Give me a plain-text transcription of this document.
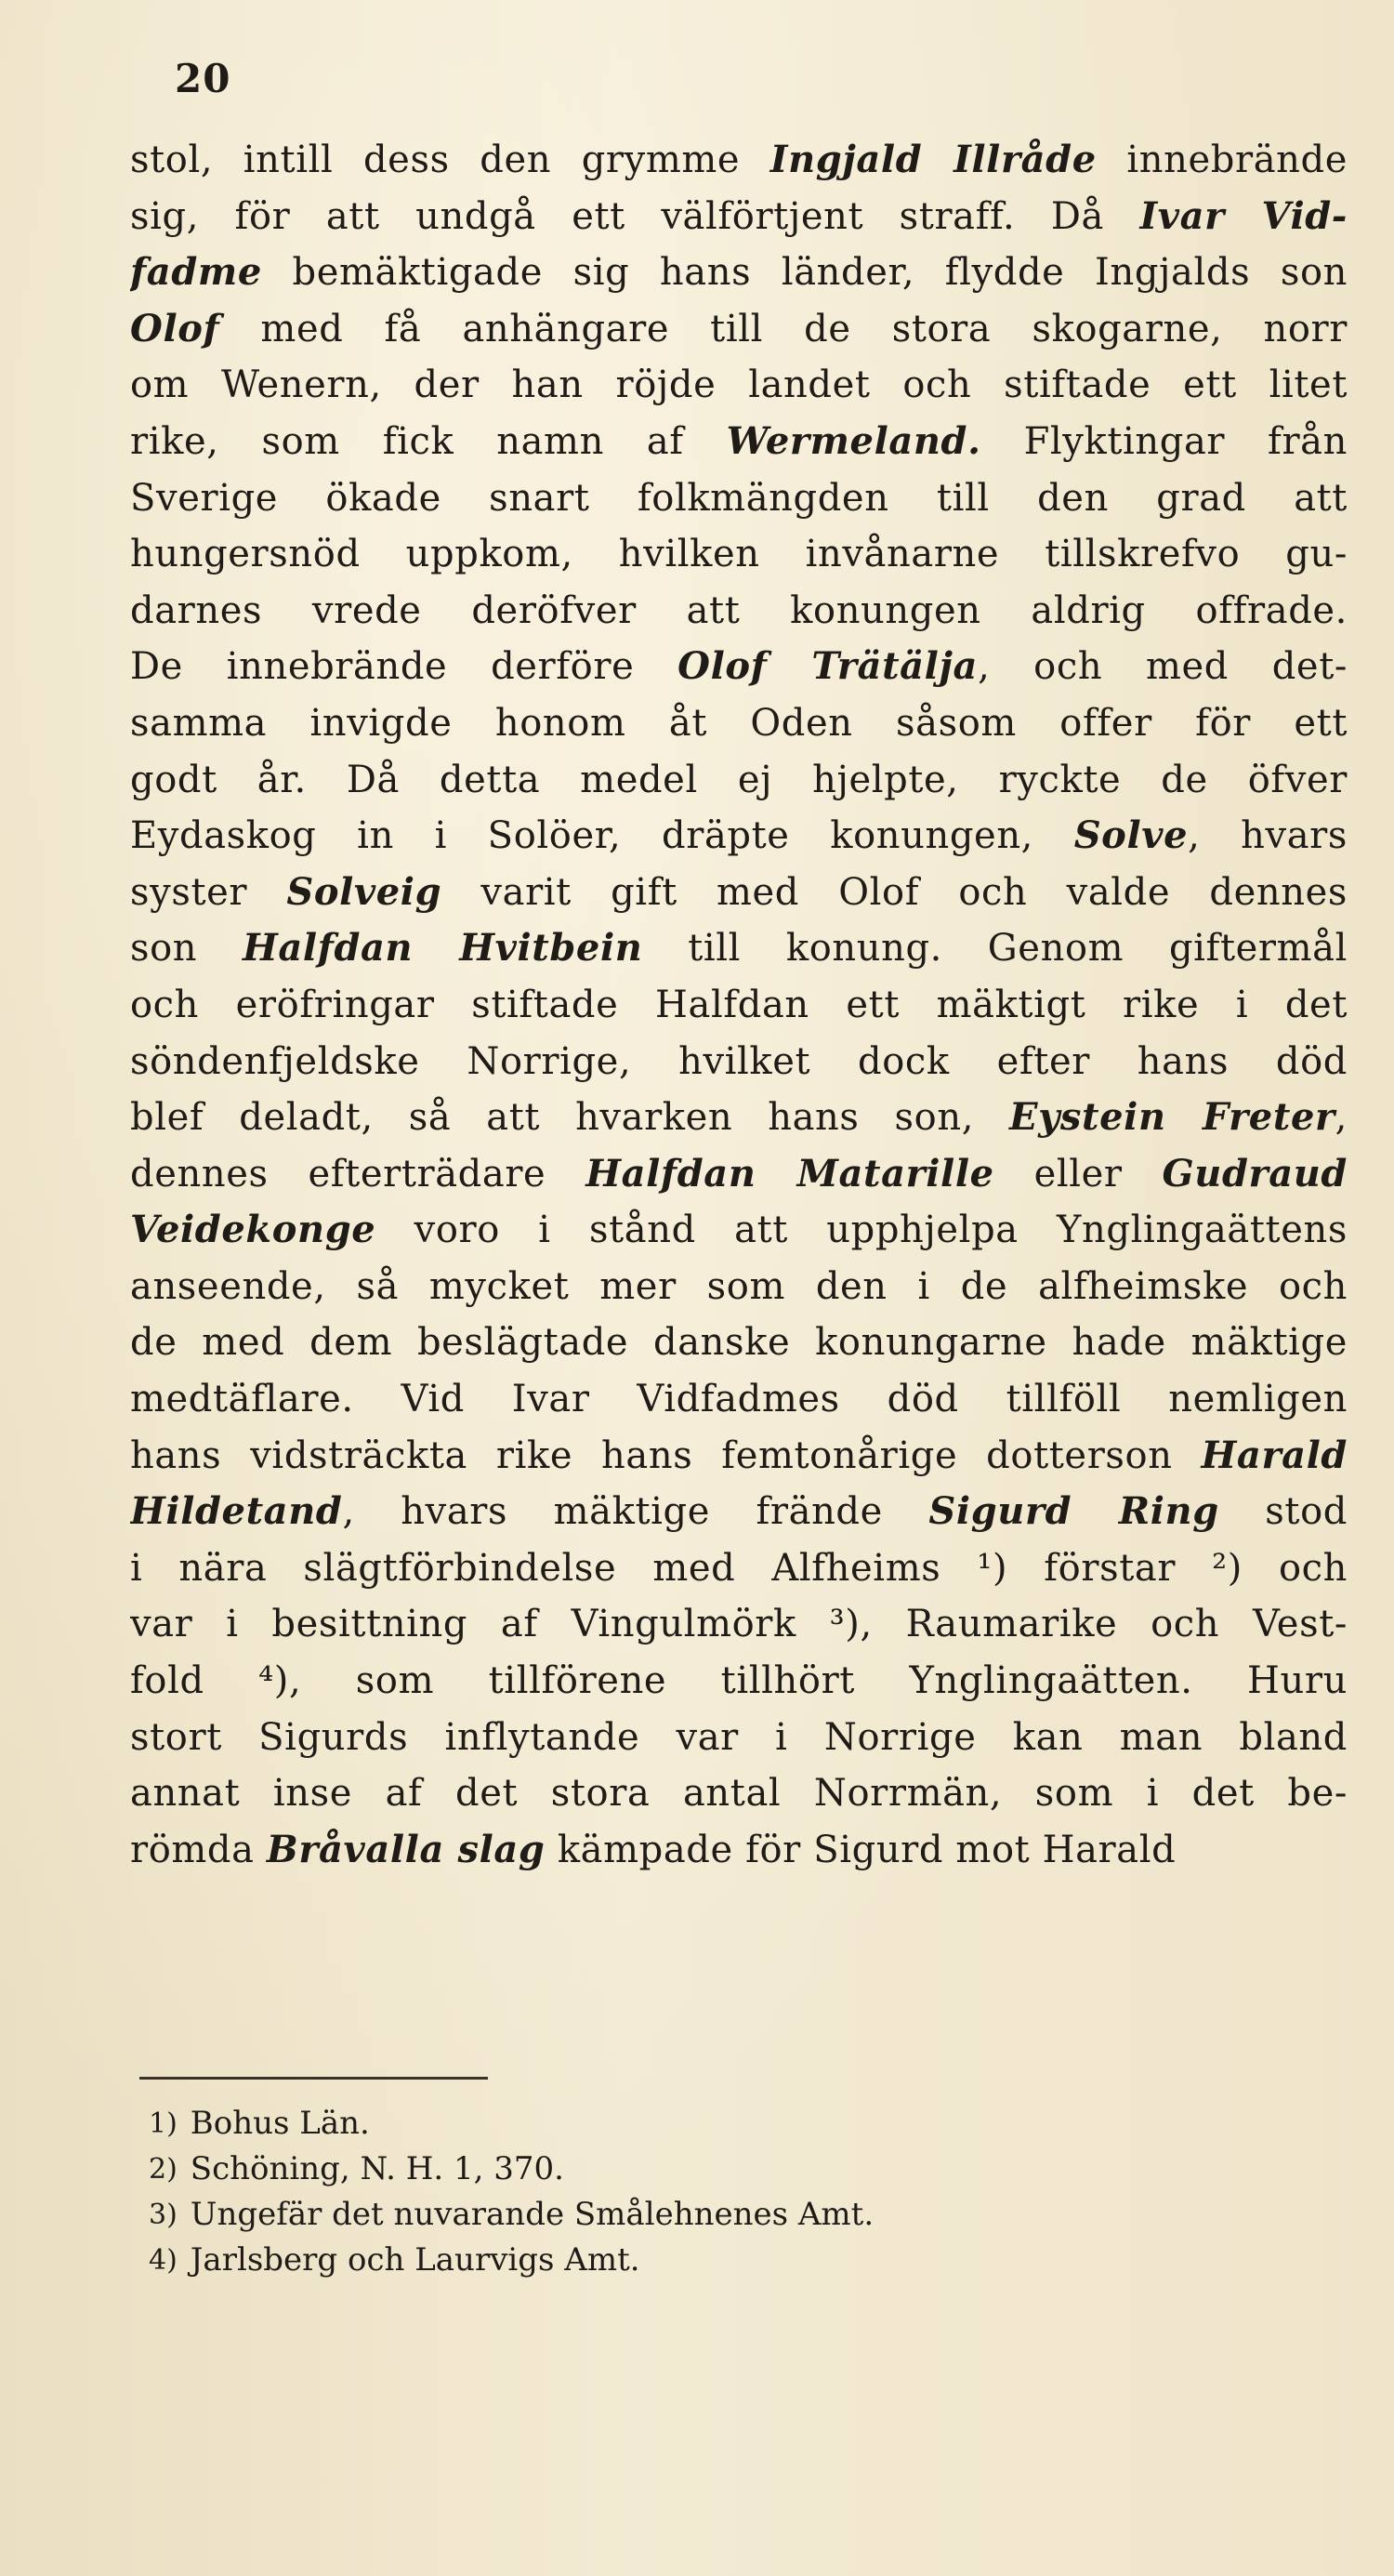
20
stol, intill dess den grymme Ingjald Illråde innebrände
sig, för att undgå ett välförtjent straff. Då Ivar Vid-
fadme bemäktigade sig hans länder, flydde Ingjalds son
Olof med få anhängare till de stora skogarne, norr
om Wenern, der han röjde landet och stiftade ett litet
rike, som fick namn af Wermeland. Flyktingar från
Sverige ökade snart folkmängden till den grad att
hungersnöd uppkom, hvilken invånarne tillskrefvo gu-
darnes vrede deröfver att konungen aldrig offrade.
De innebrände derföre Olof Trätälja, och med det-
samma invigde honom åt Oden såsom offer för ett
godt år. Då detta medel ej hjelpte, ryckte de öfver
Eydaskog in i Solöer, dräpte konungen, Solve, hvars
syster Solveig varit gift med Olof och valde dennes
son Halfdan Hvitbein till konung. Genom giftermål
och eröfringar stiftade Halfdan ett mäktigt rike i det
söndenfjeldske Norrige, hvilket dock efter hans död
blef deladt, så att hvarken hans son, Eystein Freter,
dennes efterträdare Halfdan Matarille eller Gudraud
Veidekonge voro i stånd att upphjelpa Ynglingaättens
anseende, så mycket mer som den i de alfheimske och
de med dem beslägtade danske konungarne hade mäktige
medtäflare. Vid Ivar Vidfadmes död tillföll nemligen
hans vidsträckta rike hans femtonårige dotterson Harald
Hildetand, hvars mäktige frände Sigurd Ring stod
i nära slägtförbindelse med Alfheims ¹) förstar ²) och
var i besittning af Vingulmörk ³), Raumarike och Vest-
fold ⁴), som tillförene tillhört Ynglingaätten. Huru
stort Sigurds inflytande var i Norrige kan man bland
annat inse af det stora antal Norrmän, som i det be-
römda Bråvalla slag kämpade för Sigurd mot Harald
1) Bohus Län.
2) Schöning, N. H. 1, 370.
3) Ungefär det nuvarande Smålehnenes Amt.
4) Jarlsberg och Laurvigs Amt.
